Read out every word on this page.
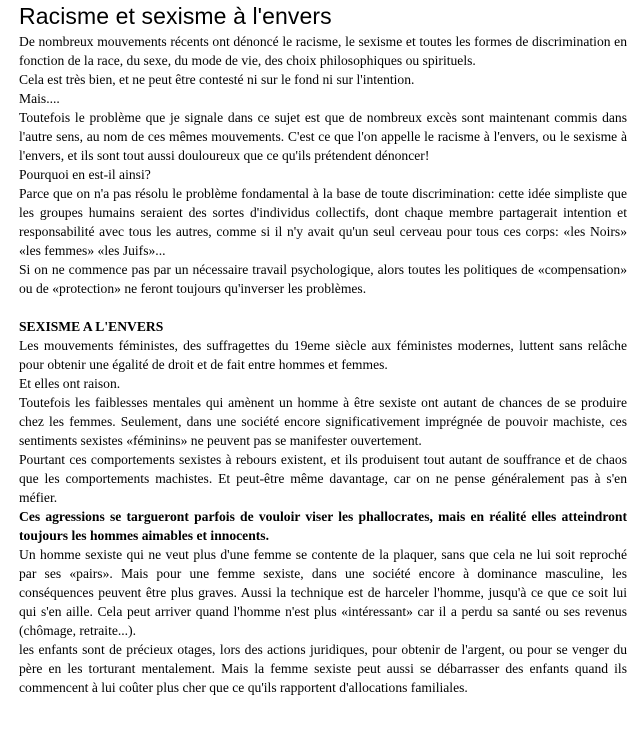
Racisme et sexisme à l'envers
De nombreux mouvements récents ont dénoncé le racisme, le sexisme et toutes les formes de discrimination en fonction de la race, du sexe, du mode de vie, des choix philosophiques ou spirituels.
Cela est très bien, et ne peut être contesté ni sur le fond ni sur l'intention.
Mais....
Toutefois le problème que je signale dans ce sujet est que de nombreux excès sont maintenant commis dans l'autre sens, au nom de ces mêmes mouvements. C'est ce que l'on appelle le racisme à l'envers, ou le sexisme à l'envers, et ils sont tout aussi douloureux que ce qu'ils prétendent dénoncer!
Pourquoi en est-il ainsi?
Parce que on n'a pas résolu le problème fondamental à la base de toute discrimination: cette idée simpliste que les groupes humains seraient des sortes d'individus collectifs, dont chaque membre partagerait intention et responsabilité avec tous les autres, comme si il n'y avait qu'un seul cerveau pour tous ces corps: «les Noirs» «les femmes» «les Juifs»...
Si on ne commence pas par un nécessaire travail psychologique, alors toutes les politiques de «compensation» ou de «protection» ne feront toujours qu'inverser les problèmes.
SEXISME A L'ENVERS
Les mouvements féministes, des suffragettes du 19eme siècle aux féministes modernes, luttent sans relâche pour obtenir une égalité de droit et de fait entre hommes et femmes.
Et elles ont raison.
Toutefois les faiblesses mentales qui amènent un homme à être sexiste ont autant de chances de se produire chez les femmes. Seulement, dans une société encore significativement imprégnée de pouvoir machiste, ces sentiments sexistes «féminins» ne peuvent pas se manifester ouvertement.
Pourtant ces comportements sexistes à rebours existent, et ils produisent tout autant de souffrance et de chaos que les comportements machistes. Et peut-être même davantage, car on ne pense généralement pas à s'en méfier.
Ces agressions se targueront parfois de vouloir viser les phallocrates, mais en réalité elles atteindront toujours les hommes aimables et innocents.
Un homme sexiste qui ne veut plus d'une femme se contente de la plaquer, sans que cela ne lui soit reproché par ses «pairs». Mais pour une femme sexiste, dans une société encore à dominance masculine, les conséquences peuvent être plus graves. Aussi la technique est de harceler l'homme, jusqu'à ce que ce soit lui qui s'en aille. Cela peut arriver quand l'homme n'est plus «intéressant» car il a perdu sa santé ou ses revenus (chômage, retraite...).
les enfants sont de précieux otages, lors des actions juridiques, pour obtenir de l'argent, ou pour se venger du père en les torturant mentalement. Mais la femme sexiste peut aussi se débarrasser des enfants quand ils commencent à lui coûter plus cher que ce qu'ils rapportent d'allocations familiales.
